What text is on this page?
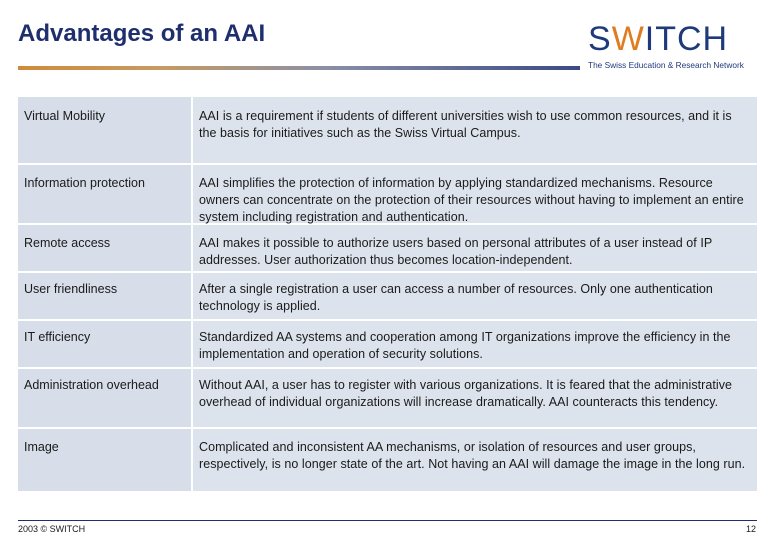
Advantages of an AAI	SWITCH
The Swiss Education & Research Network
Virtual Mobility	AAI is a requirement if students of different universities wish to use common resources, and it is the basis for initiatives such as the Swiss Virtual Campus.
Information protection	AAI simplifies the protection of information by applying standardized mechanisms. Resource owners can concentrate on the protection of their resources without having to implement an entire system including registration and authentication.
Remote access	AAI makes it possible to authorize users based on personal attributes of a user instead of IP addresses. User authorization thus becomes location-independent.
User friendliness	After a single registration a user can access a number of resources. Only one authentication technology is applied.
IT efficiency	Standardized AA systems and cooperation among IT organizations improve the efficiency in the implementation and operation of security solutions.
Administration overhead	Without AAI, a user has to register with various organizations. It is feared that the administrative overhead of individual organizations will increase dramatically. AAI counteracts this tendency.
Image	Complicated and inconsistent AA mechanisms, or isolation of resources and user groups, respectively, is no longer state of the art. Not having an AAI will damage the image in the long run.
2003 © SWITCH	12
